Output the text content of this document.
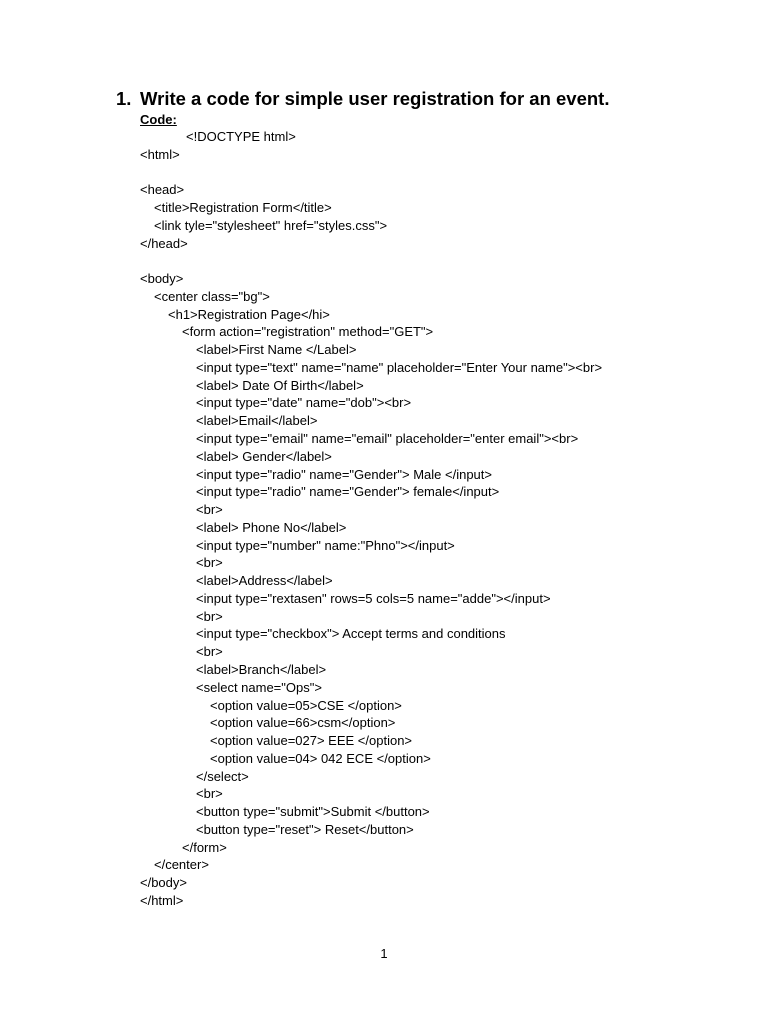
1. Write a code for simple user registration for an event.
Code:
<!DOCTYPE html>
<html>
<head>
<title>Registration Form</title>
<link tyle="stylesheet" href="styles.css">
</head>
<body>
<center class="bg">
<h1>Registration Page</hi>
<form action="registration" method="GET">
<label>First Name </Label>
<input type="text" name="name" placeholder="Enter Your name"><br>
<label> Date Of Birth</label>
<input type="date" name="dob"><br>
<label>Email</label>
<input type="email" name="email" placeholder="enter email"><br>
<label> Gender</label>
<input type="radio" name="Gender"> Male </input>
<input type="radio" name="Gender"> female</input>
<br>
<label> Phone No</label>
<input type="number" name:"Phno"></input>
<br>
<label>Address</label>
<input type="rextasen" rows=5 cols=5 name="adde"></input>
<br>
<input type="checkbox"> Accept terms and conditions
<br>
<label>Branch</label>
<select name="Ops">
<option value=05>CSE </option>
<option value=66>csm</option>
<option value=027> EEE </option>
<option value=04> 042 ECE </option>
</select>
<br>
<button type="submit">Submit </button>
<button type="reset"> Reset</button>
</form>
</center>
</body>
</html>
1
